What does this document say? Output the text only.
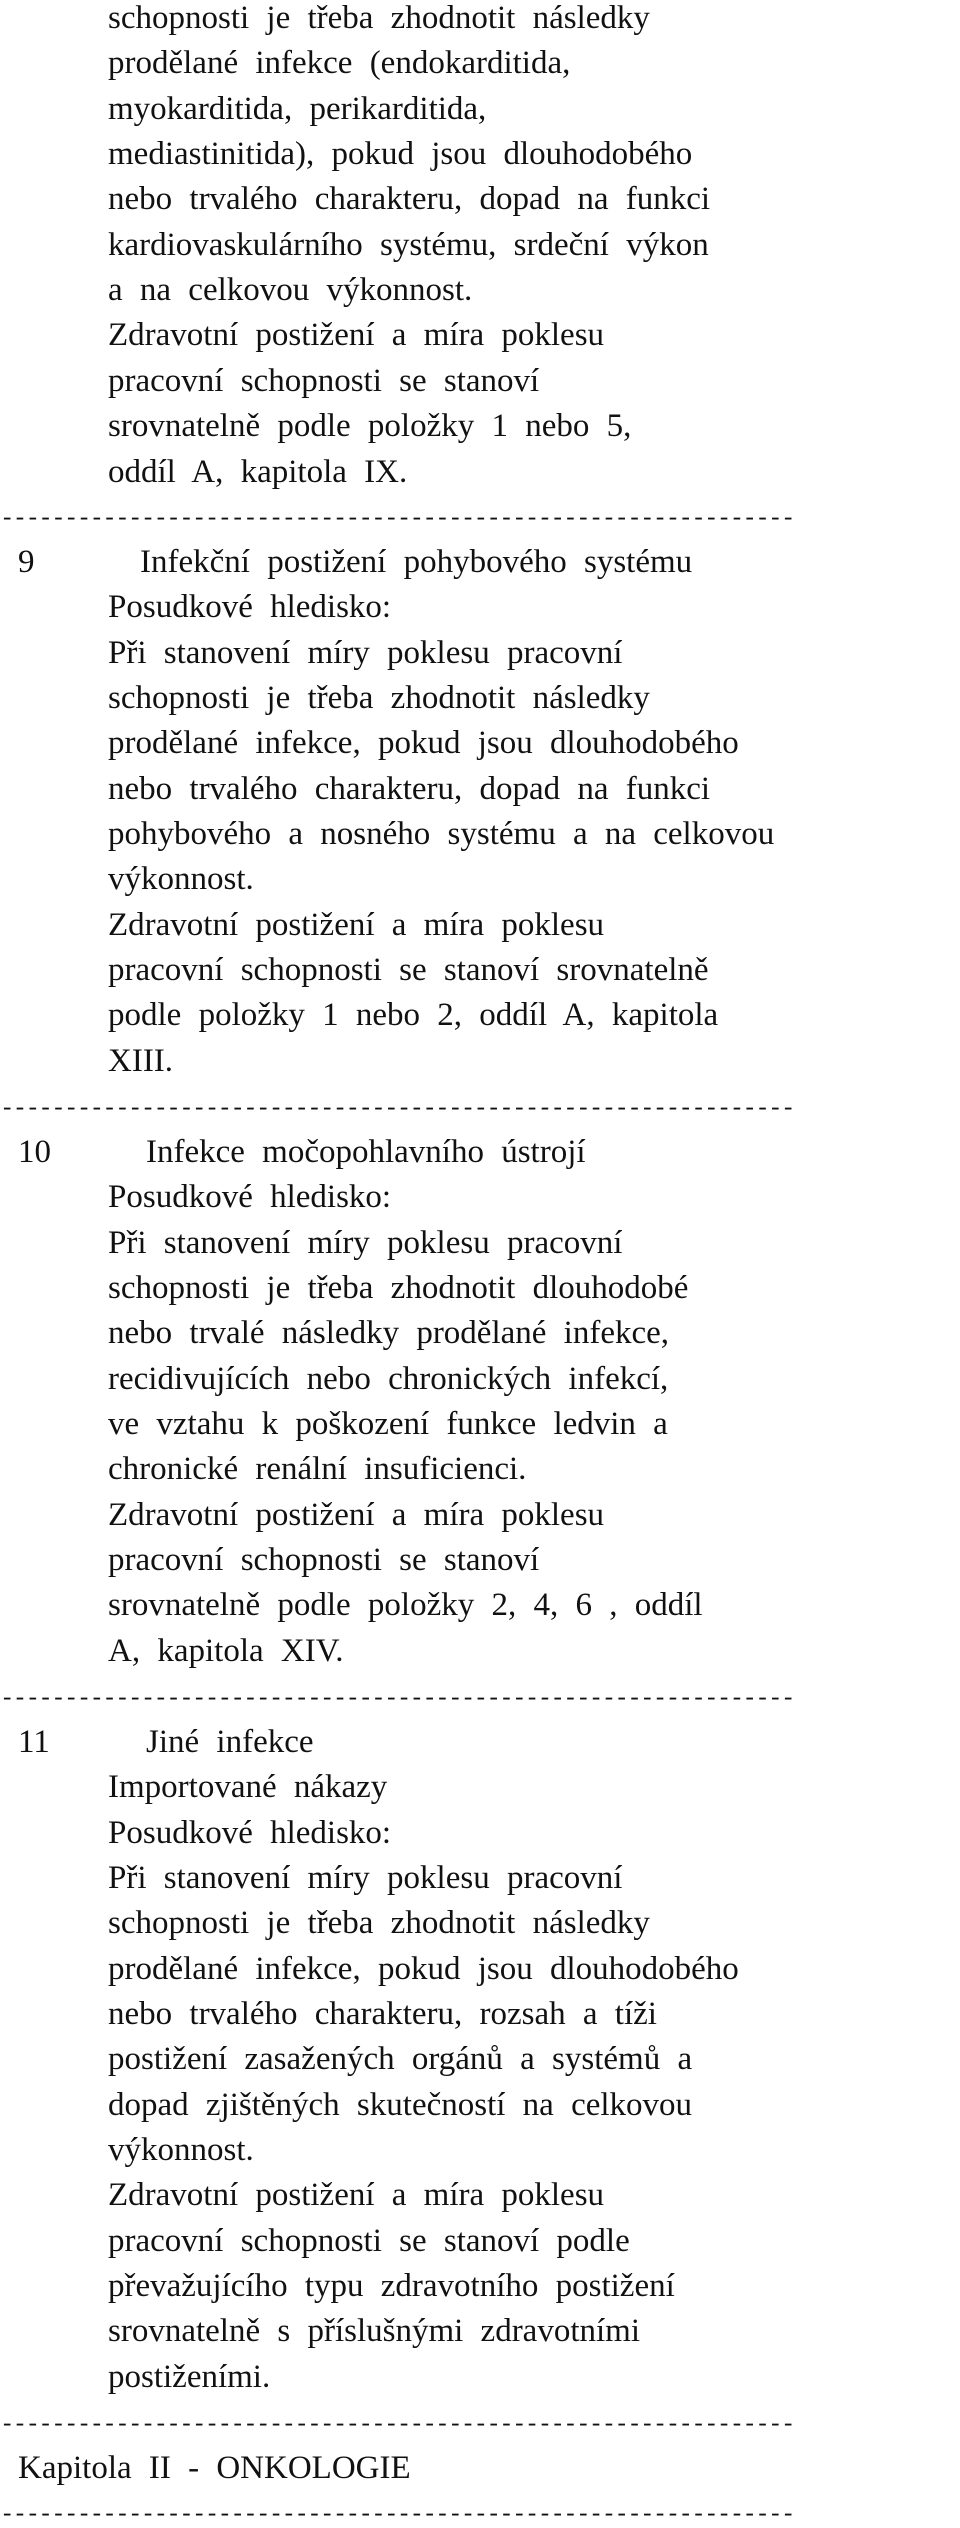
schopnosti je třeba zhodnotit následky
prodělané infekce (endokarditida,
myokarditida, perikarditida,
mediastinitida), pokud jsou dlouhodobého
nebo trvalého charakteru, dopad na funkci
kardiovaskulárního systému, srdeční výkon
a na celkovou výkonnost.
Zdravotní postižení a míra poklesu
pracovní schopnosti se stanoví
srovnatelně podle položky 1 nebo 5,
oddíl A, kapitola IX.
--------------------------------------------------------------
9	Infekční postižení pohybového systému
Posudkové hledisko:
Při stanovení míry poklesu pracovní
schopnosti je třeba zhodnotit následky
prodělané infekce, pokud jsou dlouhodobého
nebo trvalého charakteru, dopad na funkci
pohybového a nosného systému a na celkovou
výkonnost.
Zdravotní postižení a míra poklesu
pracovní schopnosti se stanoví srovnatelně
podle položky 1 nebo 2, oddíl A, kapitola
XIII.
--------------------------------------------------------------
10	Infekce močopohlavního ústrojí
Posudkové hledisko:
Při stanovení míry poklesu pracovní
schopnosti je třeba zhodnotit dlouhodobé
nebo trvalé následky prodělané infekce,
recidivujících nebo chronických infekcí,
ve vztahu k poškození funkce ledvin a
chronické renální insuficienci.
Zdravotní postižení a míra poklesu
pracovní schopnosti se stanoví
srovnatelně podle položky 2, 4, 6 , oddíl
A, kapitola XIV.
--------------------------------------------------------------
11	Jiné infekce
Importované nákazy
Posudkové hledisko:
Při stanovení míry poklesu pracovní
schopnosti je třeba zhodnotit následky
prodělané infekce, pokud jsou dlouhodobého
nebo trvalého charakteru, rozsah a tíži
postižení zasažených orgánů a systémů a
dopad zjištěných skutečností na celkovou
výkonnost.
Zdravotní postižení a míra poklesu
pracovní schopnosti se stanoví podle
převažujícího typu zdravotního postižení
srovnatelně s příslušnými zdravotními
postiženími.
--------------------------------------------------------------
Kapitola II - ONKOLOGIE
--------------------------------------------------------------
